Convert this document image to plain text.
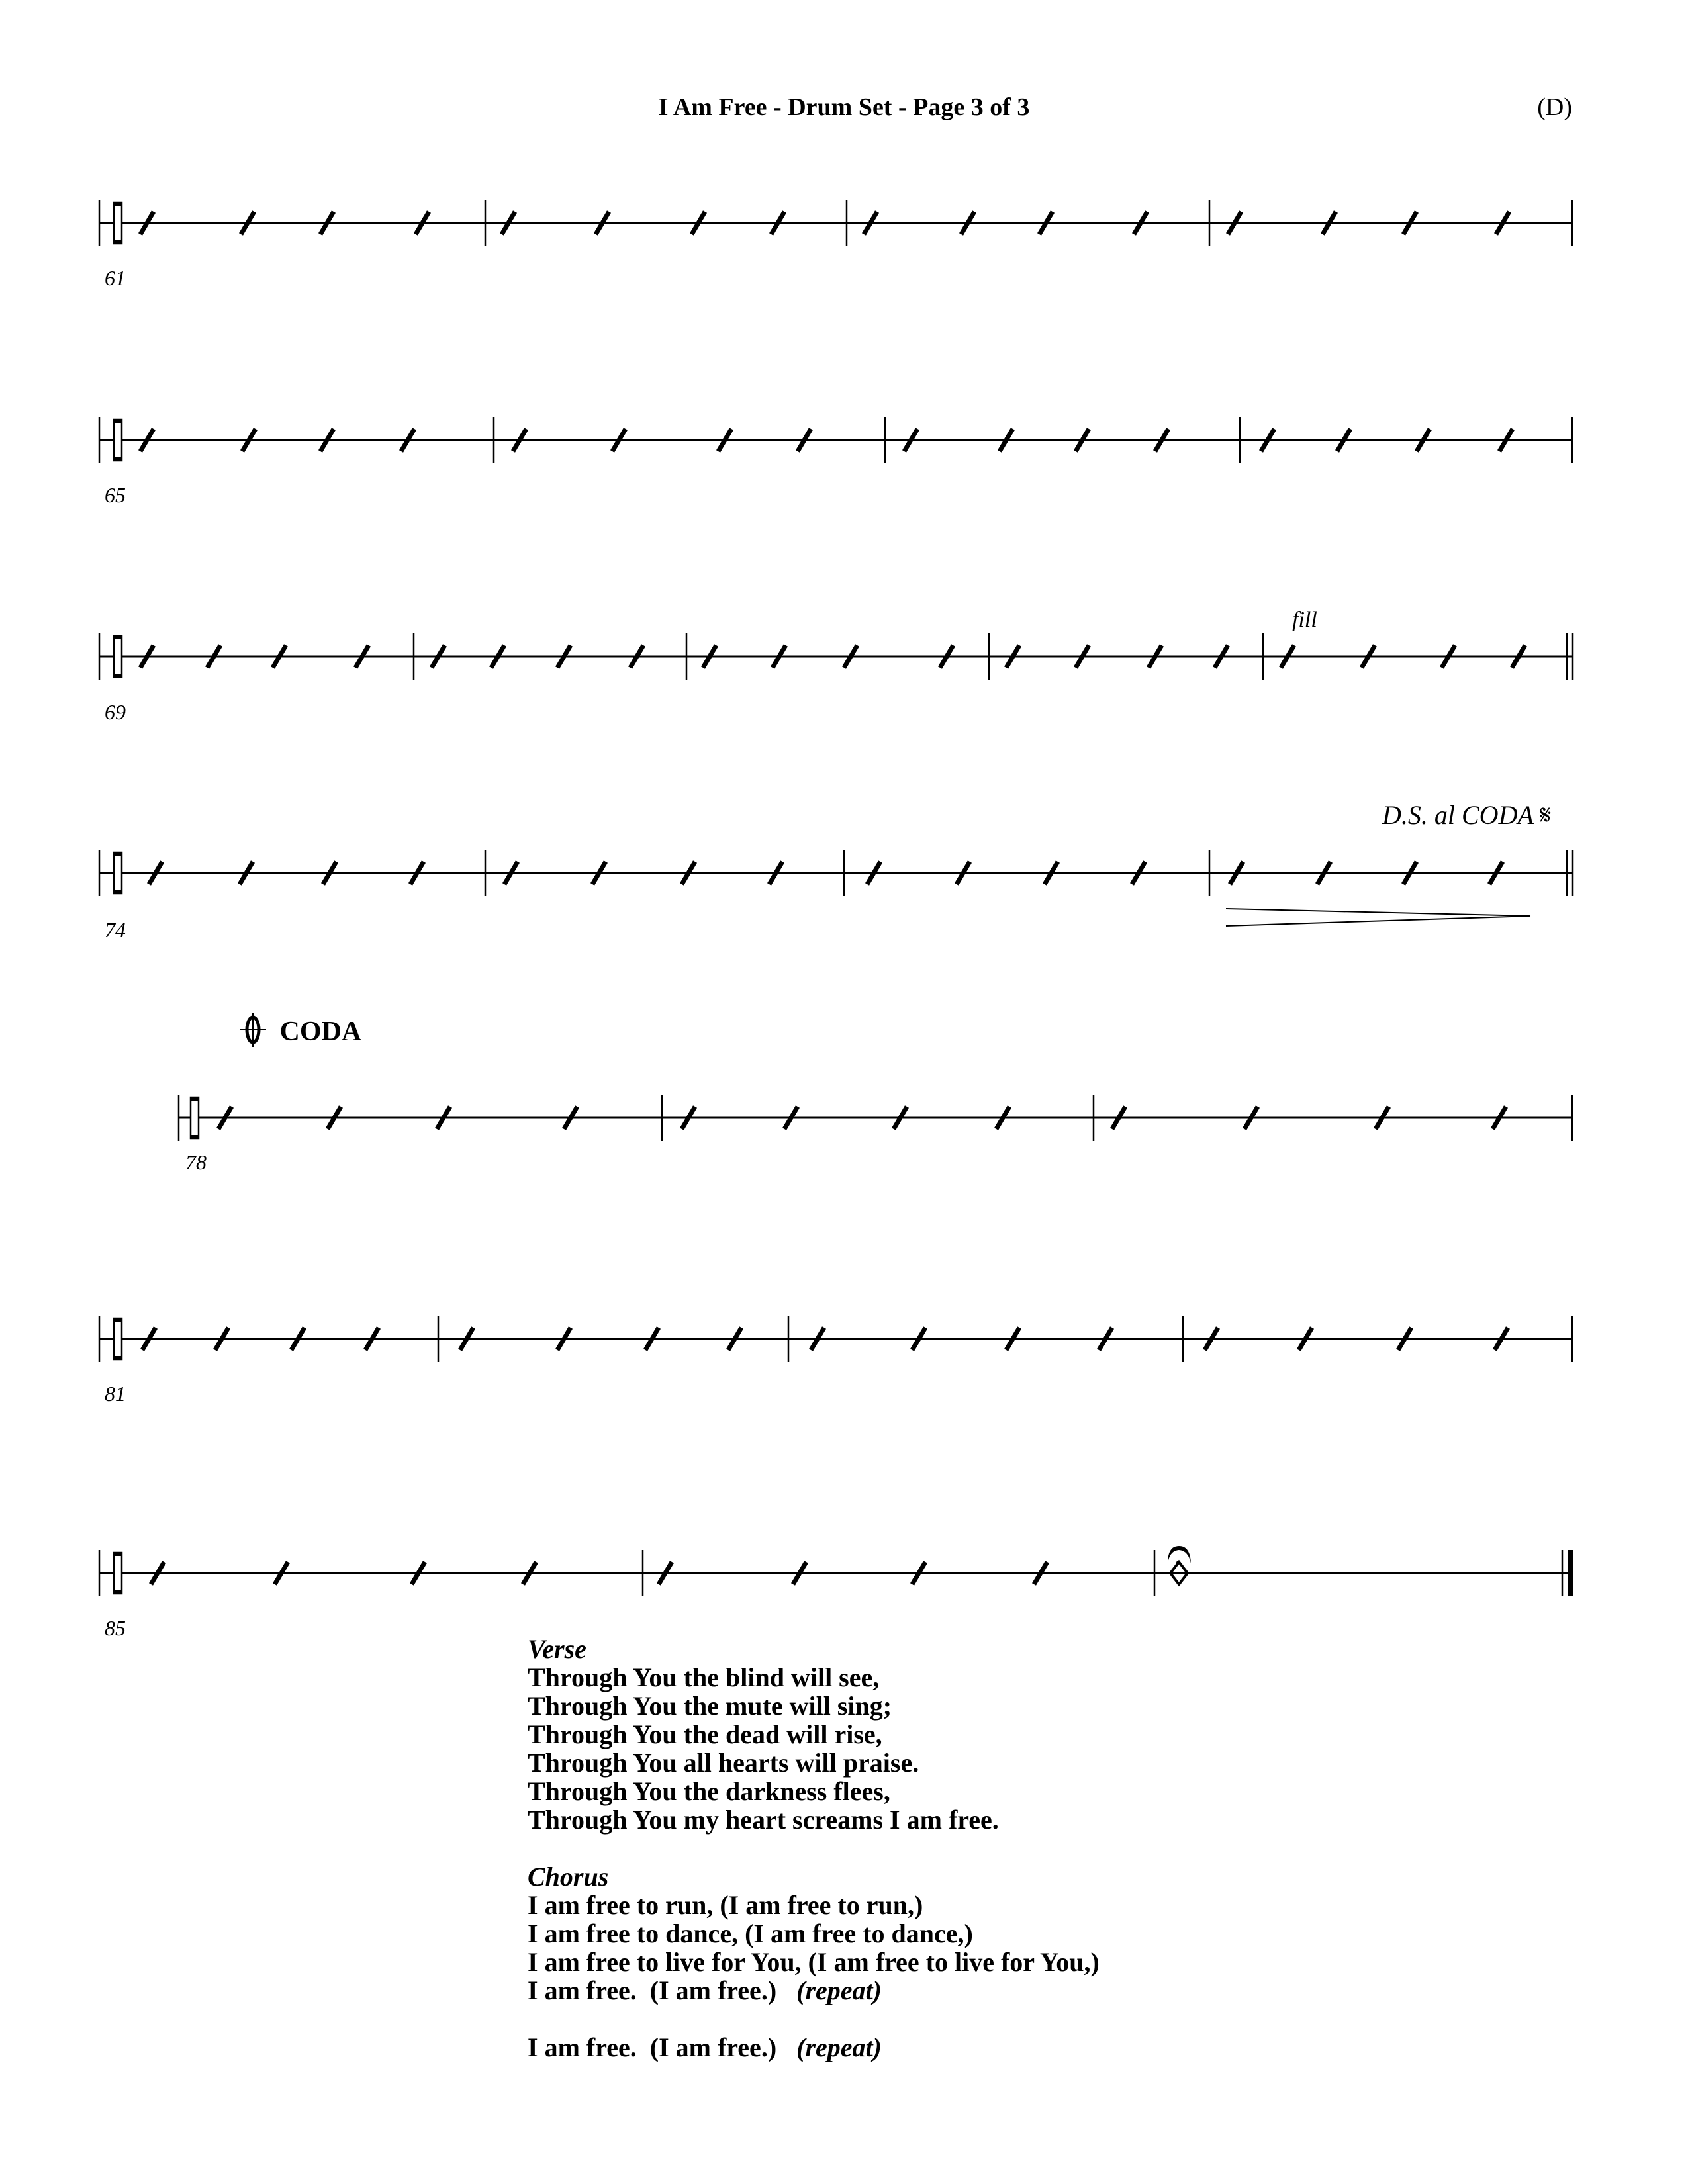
I Am Free - Drum Set - Page 3 of 3	(D)
61
65
fill
69
D.S. al CODA 𝄋
74
CODA
78
81
85
Verse
Through You the blind will see,
Through You the mute will sing;
Through You the dead will rise,
Through You all hearts will praise.
Through You the darkness flees,
Through You my heart screams I am free.
Chorus
I am free to run, (I am free to run,)
I am free to dance, (I am free to dance,)
I am free to live for You, (I am free to live for You,)
I am free.  (I am free.)   (repeat)
I am free.  (I am free.)   (repeat)
